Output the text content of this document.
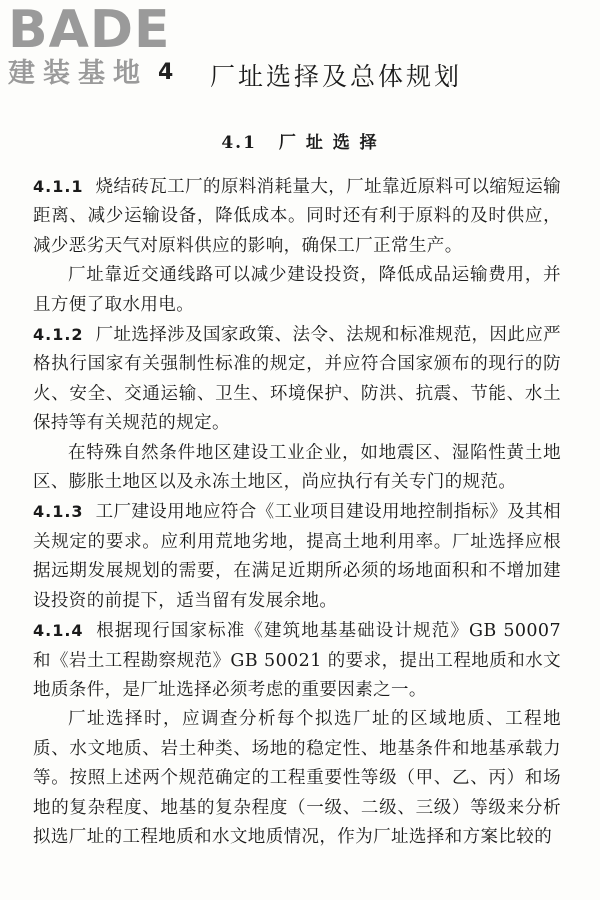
BADE
建装基地 4 厂址选择及总体规划
4.1 厂 址 选 择

4.1.1 烧结砖瓦工厂的原料消耗量大，厂址靠近原料可以缩短运输距离、减少运输设备，降低成本。同时还有利于原料的及时供应，减少恶劣天气对原料供应的影响，确保工厂正常生产。

厂址靠近交通线路可以减少建设投资，降低成品运输费用，并且方便了取水用电。

4.1.2 厂址选择涉及国家政策、法令、法规和标准规范，因此应严格执行国家有关强制性标准的规定，并应符合国家颁布的现行的防火、安全、交通运输、卫生、环境保护、防洪、抗震、节能、水土保持等有关规范的规定。

在特殊自然条件地区建设工业企业，如地震区、湿陷性黄土地区、膨胀土地区以及永冻土地区，尚应执行有关专门的规范。

4.1.3 工厂建设用地应符合《工业项目建设用地控制指标》及其相关规定的要求。应利用荒地劣地，提高土地利用率。厂址选择应根据远期发展规划的需要，在满足近期所必须的场地面积和不增加建设投资的前提下，适当留有发展余地。

4.1.4 根据现行国家标准《建筑地基基础设计规范》GB 50007 和《岩土工程勘察规范》GB 50021 的要求，提出工程地质和水文地质条件，是厂址选择必须考虑的重要因素之一。

厂址选择时，应调查分析每个拟选厂址的区域地质、工程地质、水文地质、岩土种类、场地的稳定性、地基条件和地基承载力等。按照上述两个规范确定的工程重要性等级（甲、乙、丙）和场地的复杂程度、地基的复杂程度（一级、二级、三级）等级来分析拟选厂址的工程地质和水文地质情况，作为厂址选择和方案比较的
